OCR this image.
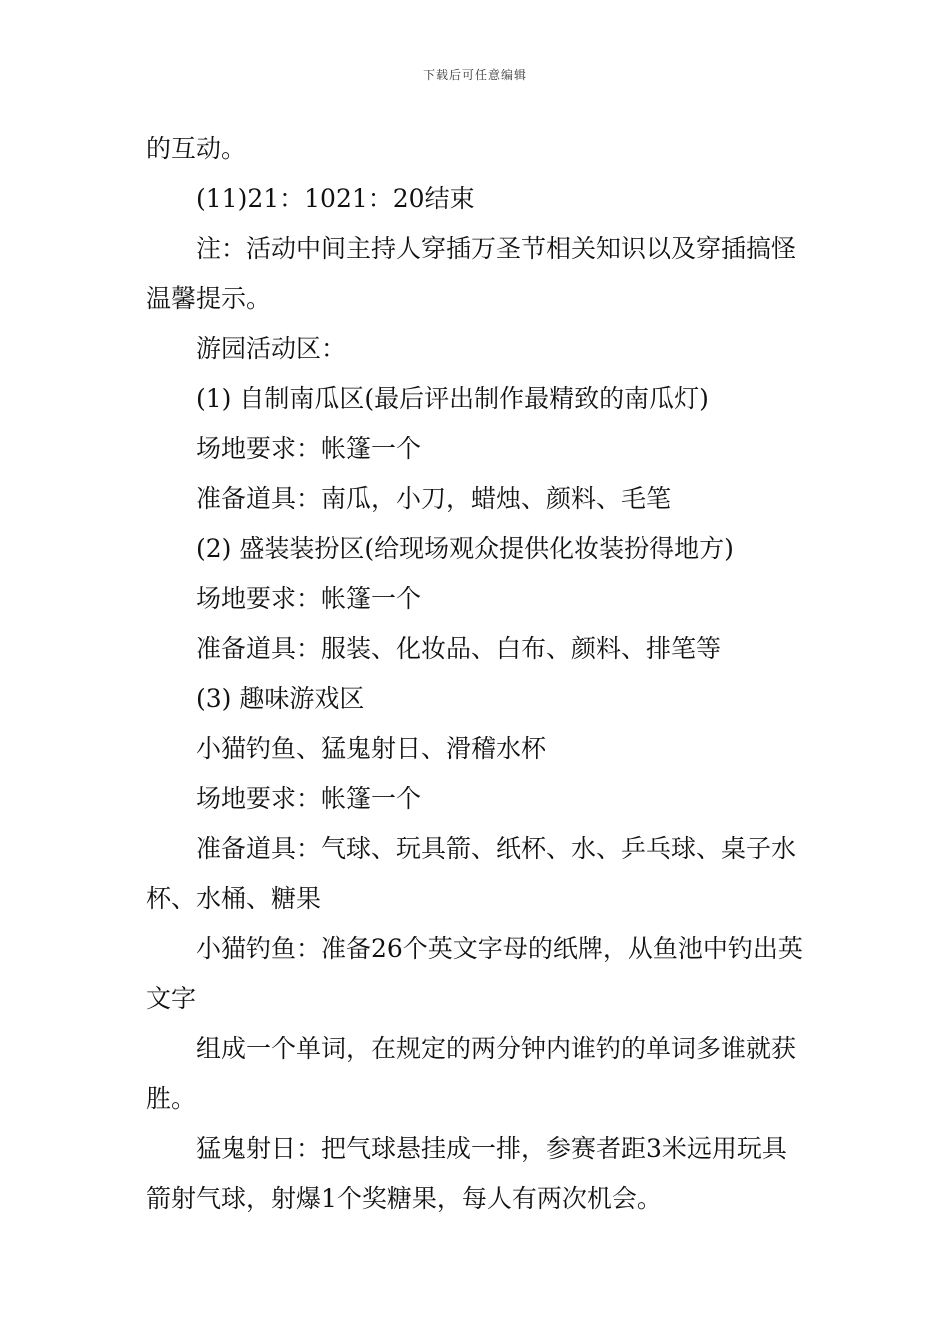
下载后可任意编辑

的互动。

(11)21：1021：20结束

注：活动中间主持人穿插万圣节相关知识以及穿插搞怪温馨提示。

游园活动区：

(1) 自制南瓜区(最后评出制作最精致的南瓜灯)

场地要求：帐篷一个

准备道具：南瓜，小刀，蜡烛、颜料、毛笔

(2) 盛装装扮区(给现场观众提供化妆装扮得地方)

场地要求：帐篷一个

准备道具：服装、化妆品、白布、颜料、排笔等

(3) 趣味游戏区

小猫钓鱼、猛鬼射日、滑稽水杯

场地要求：帐篷一个

准备道具：气球、玩具箭、纸杯、水、乒乓球、桌子水杯、水桶、糖果

小猫钓鱼：准备26个英文字母的纸牌，从鱼池中钓出英文字

组成一个单词，在规定的两分钟内谁钓的单词多谁就获胜。

猛鬼射日：把气球悬挂成一排，参赛者距3米远用玩具箭射气球，射爆1个奖糖果，每人有两次机会。
